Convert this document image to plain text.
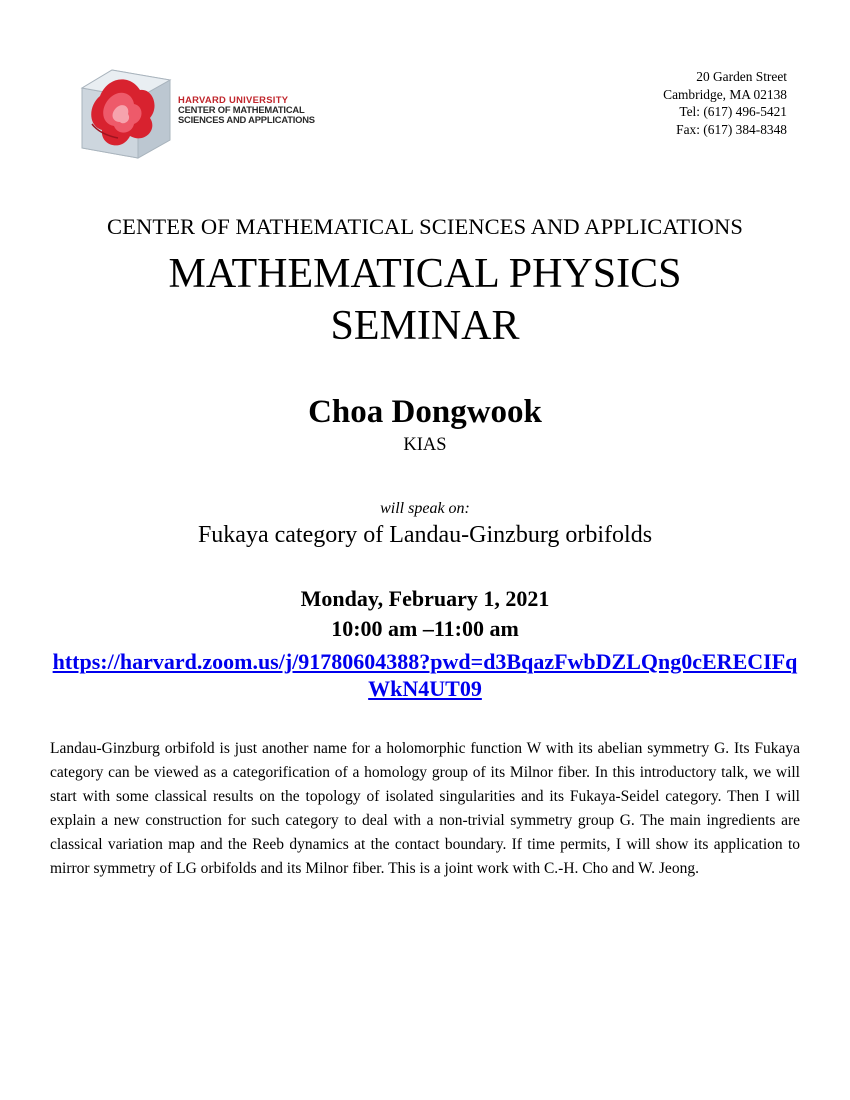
HARVARD UNIVERSITY
CENTER OF MATHEMATICAL
SCIENCES AND APPLICATIONS
20 Garden Street
Cambridge, MA 02138
Tel: (617) 496-5421
Fax: (617) 384-8348
CENTER OF MATHEMATICAL SCIENCES AND APPLICATIONS
MATHEMATICAL PHYSICS
SEMINAR
Choa Dongwook
KIAS
will speak on:
Fukaya category of Landau-Ginzburg orbifolds
Monday, February 1, 2021
10:00 am –11:00 am
https://harvard.zoom.us/j/91780604388?pwd=d3BqazFwbDZLQng0cERECIFqWkN4UT09
Landau-Ginzburg orbifold is just another name for a holomorphic function W with its abelian symmetry G. Its Fukaya category can be viewed as a categorification of a homology group of its Milnor fiber. In this introductory talk, we will start with some classical results on the topology of isolated singularities and its Fukaya-Seidel category. Then I will explain a new construction for such category to deal with a non-trivial symmetry group G. The main ingredients are classical variation map and the Reeb dynamics at the contact boundary. If time permits, I will show its application to mirror symmetry of LG orbifolds and its Milnor fiber. This is a joint work with C.-H. Cho and W. Jeong.
